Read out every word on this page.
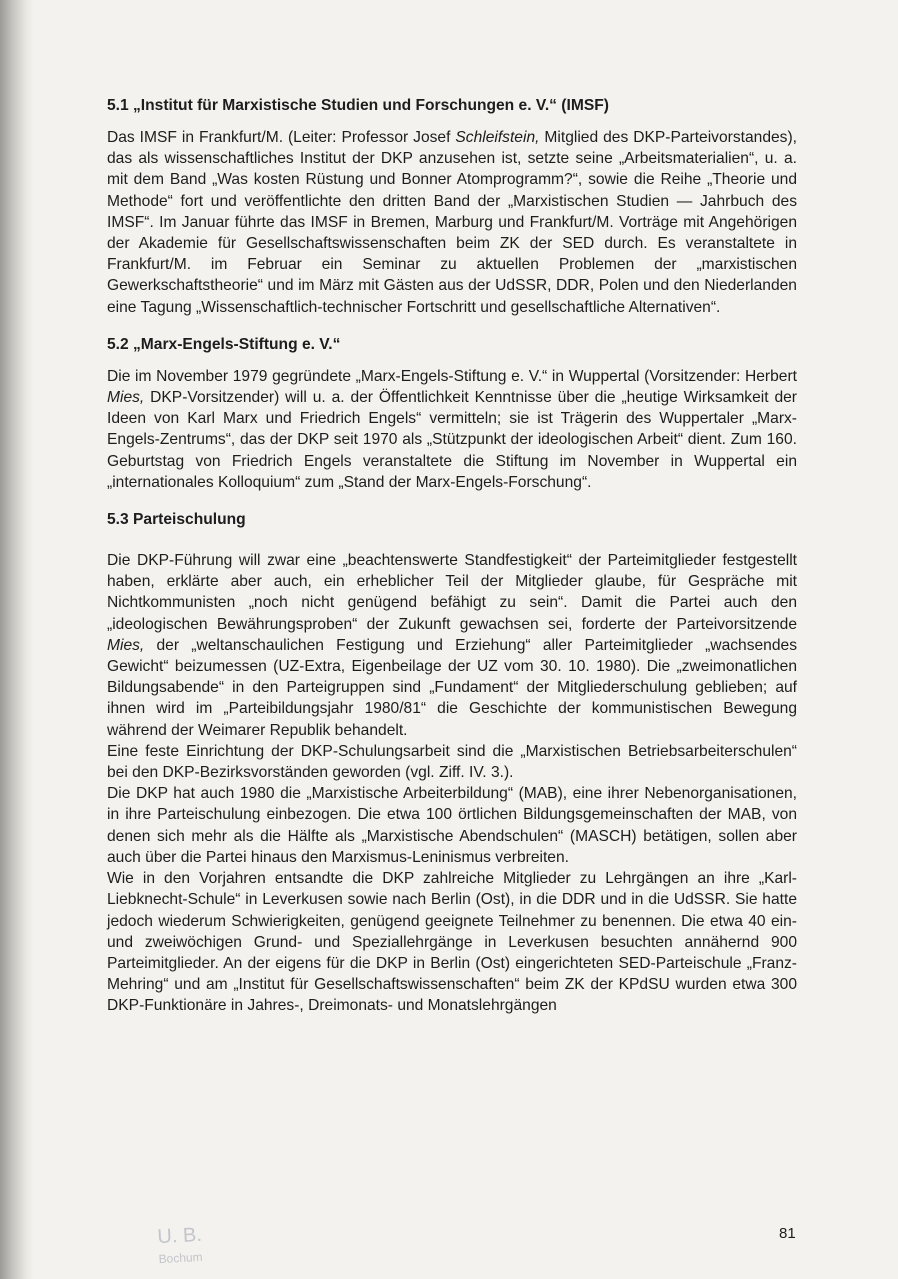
5.1 „Institut für Marxistische Studien und Forschungen e. V.“ (IMSF)

Das IMSF in Frankfurt/M. (Leiter: Professor Josef Schleifstein, Mitglied des DKP-Parteivorstandes), das als wissenschaftliches Institut der DKP anzusehen ist, setzte seine „Arbeitsmaterialien“, u. a. mit dem Band „Was kosten Rüstung und Bonner Atomprogramm?“, sowie die Reihe „Theorie und Methode“ fort und veröffentlichte den dritten Band der „Marxistischen Studien — Jahrbuch des IMSF“. Im Januar führte das IMSF in Bremen, Marburg und Frankfurt/M. Vorträge mit Angehörigen der Akademie für Gesellschaftswissenschaften beim ZK der SED durch. Es veranstaltete in Frankfurt/M. im Februar ein Seminar zu aktuellen Problemen der „marxistischen Gewerkschaftstheorie“ und im März mit Gästen aus der UdSSR, DDR, Polen und den Niederlanden eine Tagung „Wissenschaftlich-technischer Fortschritt und gesellschaftliche Alternativen“.

5.2 „Marx-Engels-Stiftung e. V.“

Die im November 1979 gegründete „Marx-Engels-Stiftung e. V.“ in Wuppertal (Vorsitzender: Herbert Mies, DKP-Vorsitzender) will u. a. der Öffentlichkeit Kenntnisse über die „heutige Wirksamkeit der Ideen von Karl Marx und Friedrich Engels“ vermitteln; sie ist Trägerin des Wuppertaler „Marx-Engels-Zentrums“, das der DKP seit 1970 als „Stützpunkt der ideologischen Arbeit“ dient. Zum 160. Geburtstag von Friedrich Engels veranstaltete die Stiftung im November in Wuppertal ein „internationales Kolloquium“ zum „Stand der Marx-Engels-Forschung“.

5.3 Parteischulung

Die DKP-Führung will zwar eine „beachtenswerte Standfestigkeit“ der Parteimitglieder festgestellt haben, erklärte aber auch, ein erheblicher Teil der Mitglieder glaube, für Gespräche mit Nichtkommunisten „noch nicht genügend befähigt zu sein“. Damit die Partei auch den „ideologischen Bewährungsproben“ der Zukunft gewachsen sei, forderte der Parteivorsitzende Mies, der „weltanschaulichen Festigung und Erziehung“ aller Parteimitglieder „wachsendes Gewicht“ beizumessen (UZ-Extra, Eigenbeilage der UZ vom 30. 10. 1980). Die „zweimonatlichen Bildungsabende“ in den Parteigruppen sind „Fundament“ der Mitgliederschulung geblieben; auf ihnen wird im „Parteibildungsjahr 1980/81“ die Geschichte der kommunistischen Bewegung während der Weimarer Republik behandelt.

Eine feste Einrichtung der DKP-Schulungsarbeit sind die „Marxistischen Betriebsarbeiterschulen“ bei den DKP-Bezirksvorständen geworden (vgl. Ziff. IV. 3.).

Die DKP hat auch 1980 die „Marxistische Arbeiterbildung“ (MAB), eine ihrer Nebenorganisationen, in ihre Parteischulung einbezogen. Die etwa 100 örtlichen Bildungsgemeinschaften der MAB, von denen sich mehr als die Hälfte als „Marxistische Abendschulen“ (MASCH) betätigen, sollen aber auch über die Partei hinaus den Marxismus-Leninismus verbreiten.

Wie in den Vorjahren entsandte die DKP zahlreiche Mitglieder zu Lehrgängen an ihre „Karl-Liebknecht-Schule“ in Leverkusen sowie nach Berlin (Ost), in die DDR und in die UdSSR. Sie hatte jedoch wiederum Schwierigkeiten, genügend geeignete Teilnehmer zu benennen. Die etwa 40 ein- und zweiwöchigen Grund- und Speziallehrgänge in Leverkusen besuchten annähernd 900 Parteimitglieder. An der eigens für die DKP in Berlin (Ost) eingerichteten SED-Parteischule „Franz-Mehring“ und am „Institut für Gesellschaftswissenschaften“ beim ZK der KPdSU wurden etwa 300 DKP-Funktionäre in Jahres-, Dreimonats- und Monatslehrgängen

81
U. B.
Bochum
